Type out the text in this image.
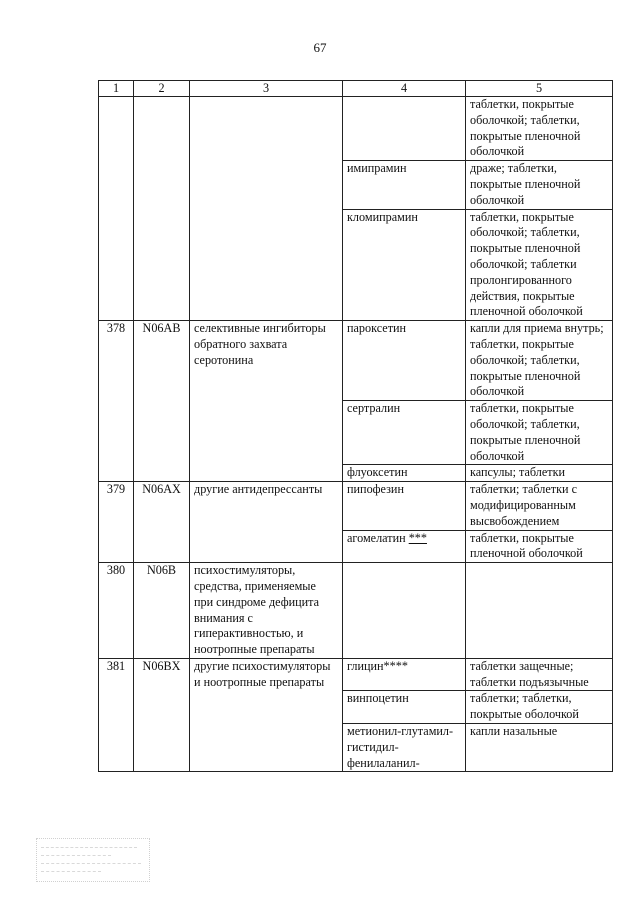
67
1	2	3	4	5
				таблетки, покрытые оболочкой; таблетки, покрытые пленочной оболочкой
			имипрамин	драже; таблетки, покрытые пленочной оболочкой
			кломипрамин	таблетки, покрытые оболочкой; таблетки, покрытые пленочной оболочкой; таблетки пролонгированного действия, покрытые пленочной оболочкой
378	N06AB	селективные ингибиторы обратного захвата серотонина	пароксетин	капли для приема внутрь; таблетки, покрытые оболочкой; таблетки, покрытые пленочной оболочкой
			сертралин	таблетки, покрытые оболочкой; таблетки, покрытые пленочной оболочкой
			флуоксетин	капсулы; таблетки
379	N06AX	другие антидепрессанты	пипофезин	таблетки; таблетки с модифицированным высвобождением
			агомелатин ***	таблетки, покрытые пленочной оболочкой
380	N06B	психостимуляторы, средства, применяемые при синдроме дефицита внимания с гиперактивностью, и ноотропные препараты		
381	N06BX	другие психостимуляторы и ноотропные препараты	глицин****	таблетки защечные; таблетки подъязычные
			винпоцетин	таблетки; таблетки, покрытые оболочкой
			метионил-глутамил-гистидил-фенилаланил-	капли назальные
